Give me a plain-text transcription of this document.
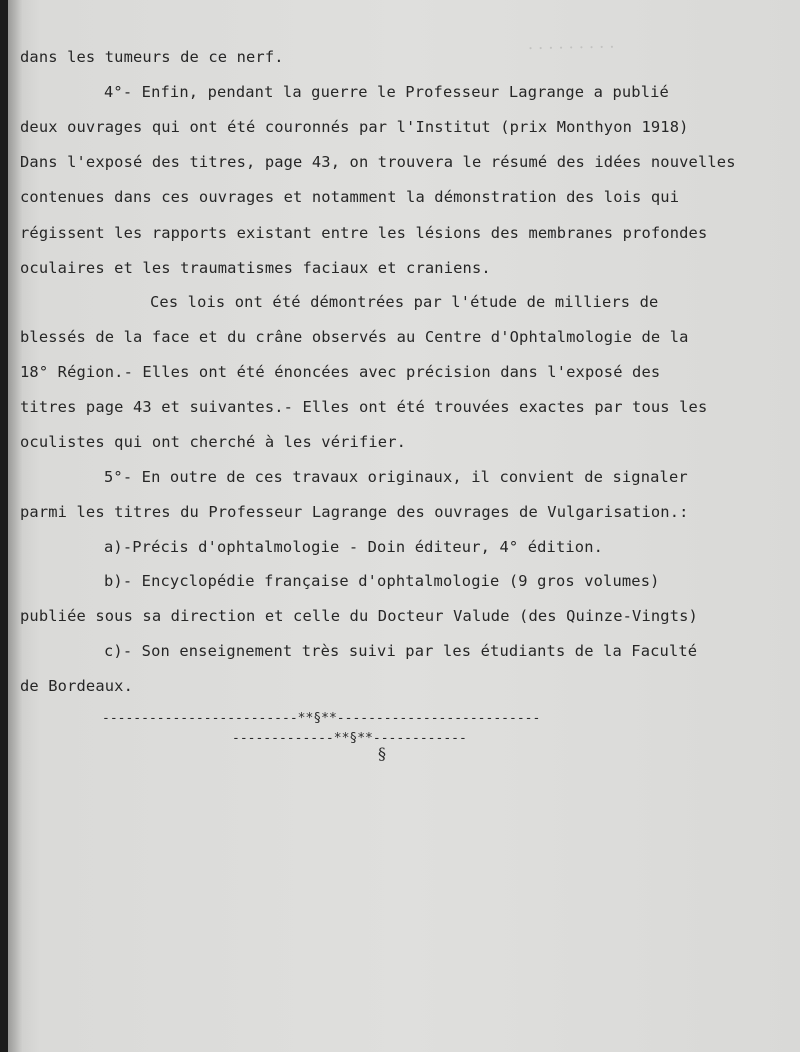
· · · · · · · · ·
dans les tumeurs de ce nerf.
4°- Enfin, pendant la guerre le Professeur Lagrange a publié
deux ouvrages qui ont été couronnés par l'Institut (prix Monthyon 1918)
Dans l'exposé des titres, page 43, on trouvera le résumé des idées nouvelles
contenues dans ces ouvrages et notamment la démonstration des lois qui
régissent les rapports existant entre les lésions des membranes profondes
oculaires et les traumatismes faciaux et craniens.
Ces lois ont été démontrées par l'étude de milliers de
blessés de la face et du crâne observés au Centre d'Ophtalmologie de la
18° Région.- Elles ont été énoncées avec précision dans l'exposé des
titres page 43 et suivantes.- Elles ont été trouvées exactes par tous les
oculistes qui ont cherché à les vérifier.
5°- En outre de ces travaux originaux, il convient de signaler
parmi les titres du Professeur Lagrange des ouvrages de Vulgarisation.:
a)-Précis d'ophtalmologie - Doin éditeur, 4° édition.
b)- Encyclopédie française d'ophtalmologie (9 gros volumes)
publiée sous sa direction et celle du Docteur Valude (des Quinze-Vingts)
c)- Son enseignement très suivi par les étudiants de la Faculté
de Bordeaux.
-------------------------**§**--------------------------
-------------**§**------------
§
